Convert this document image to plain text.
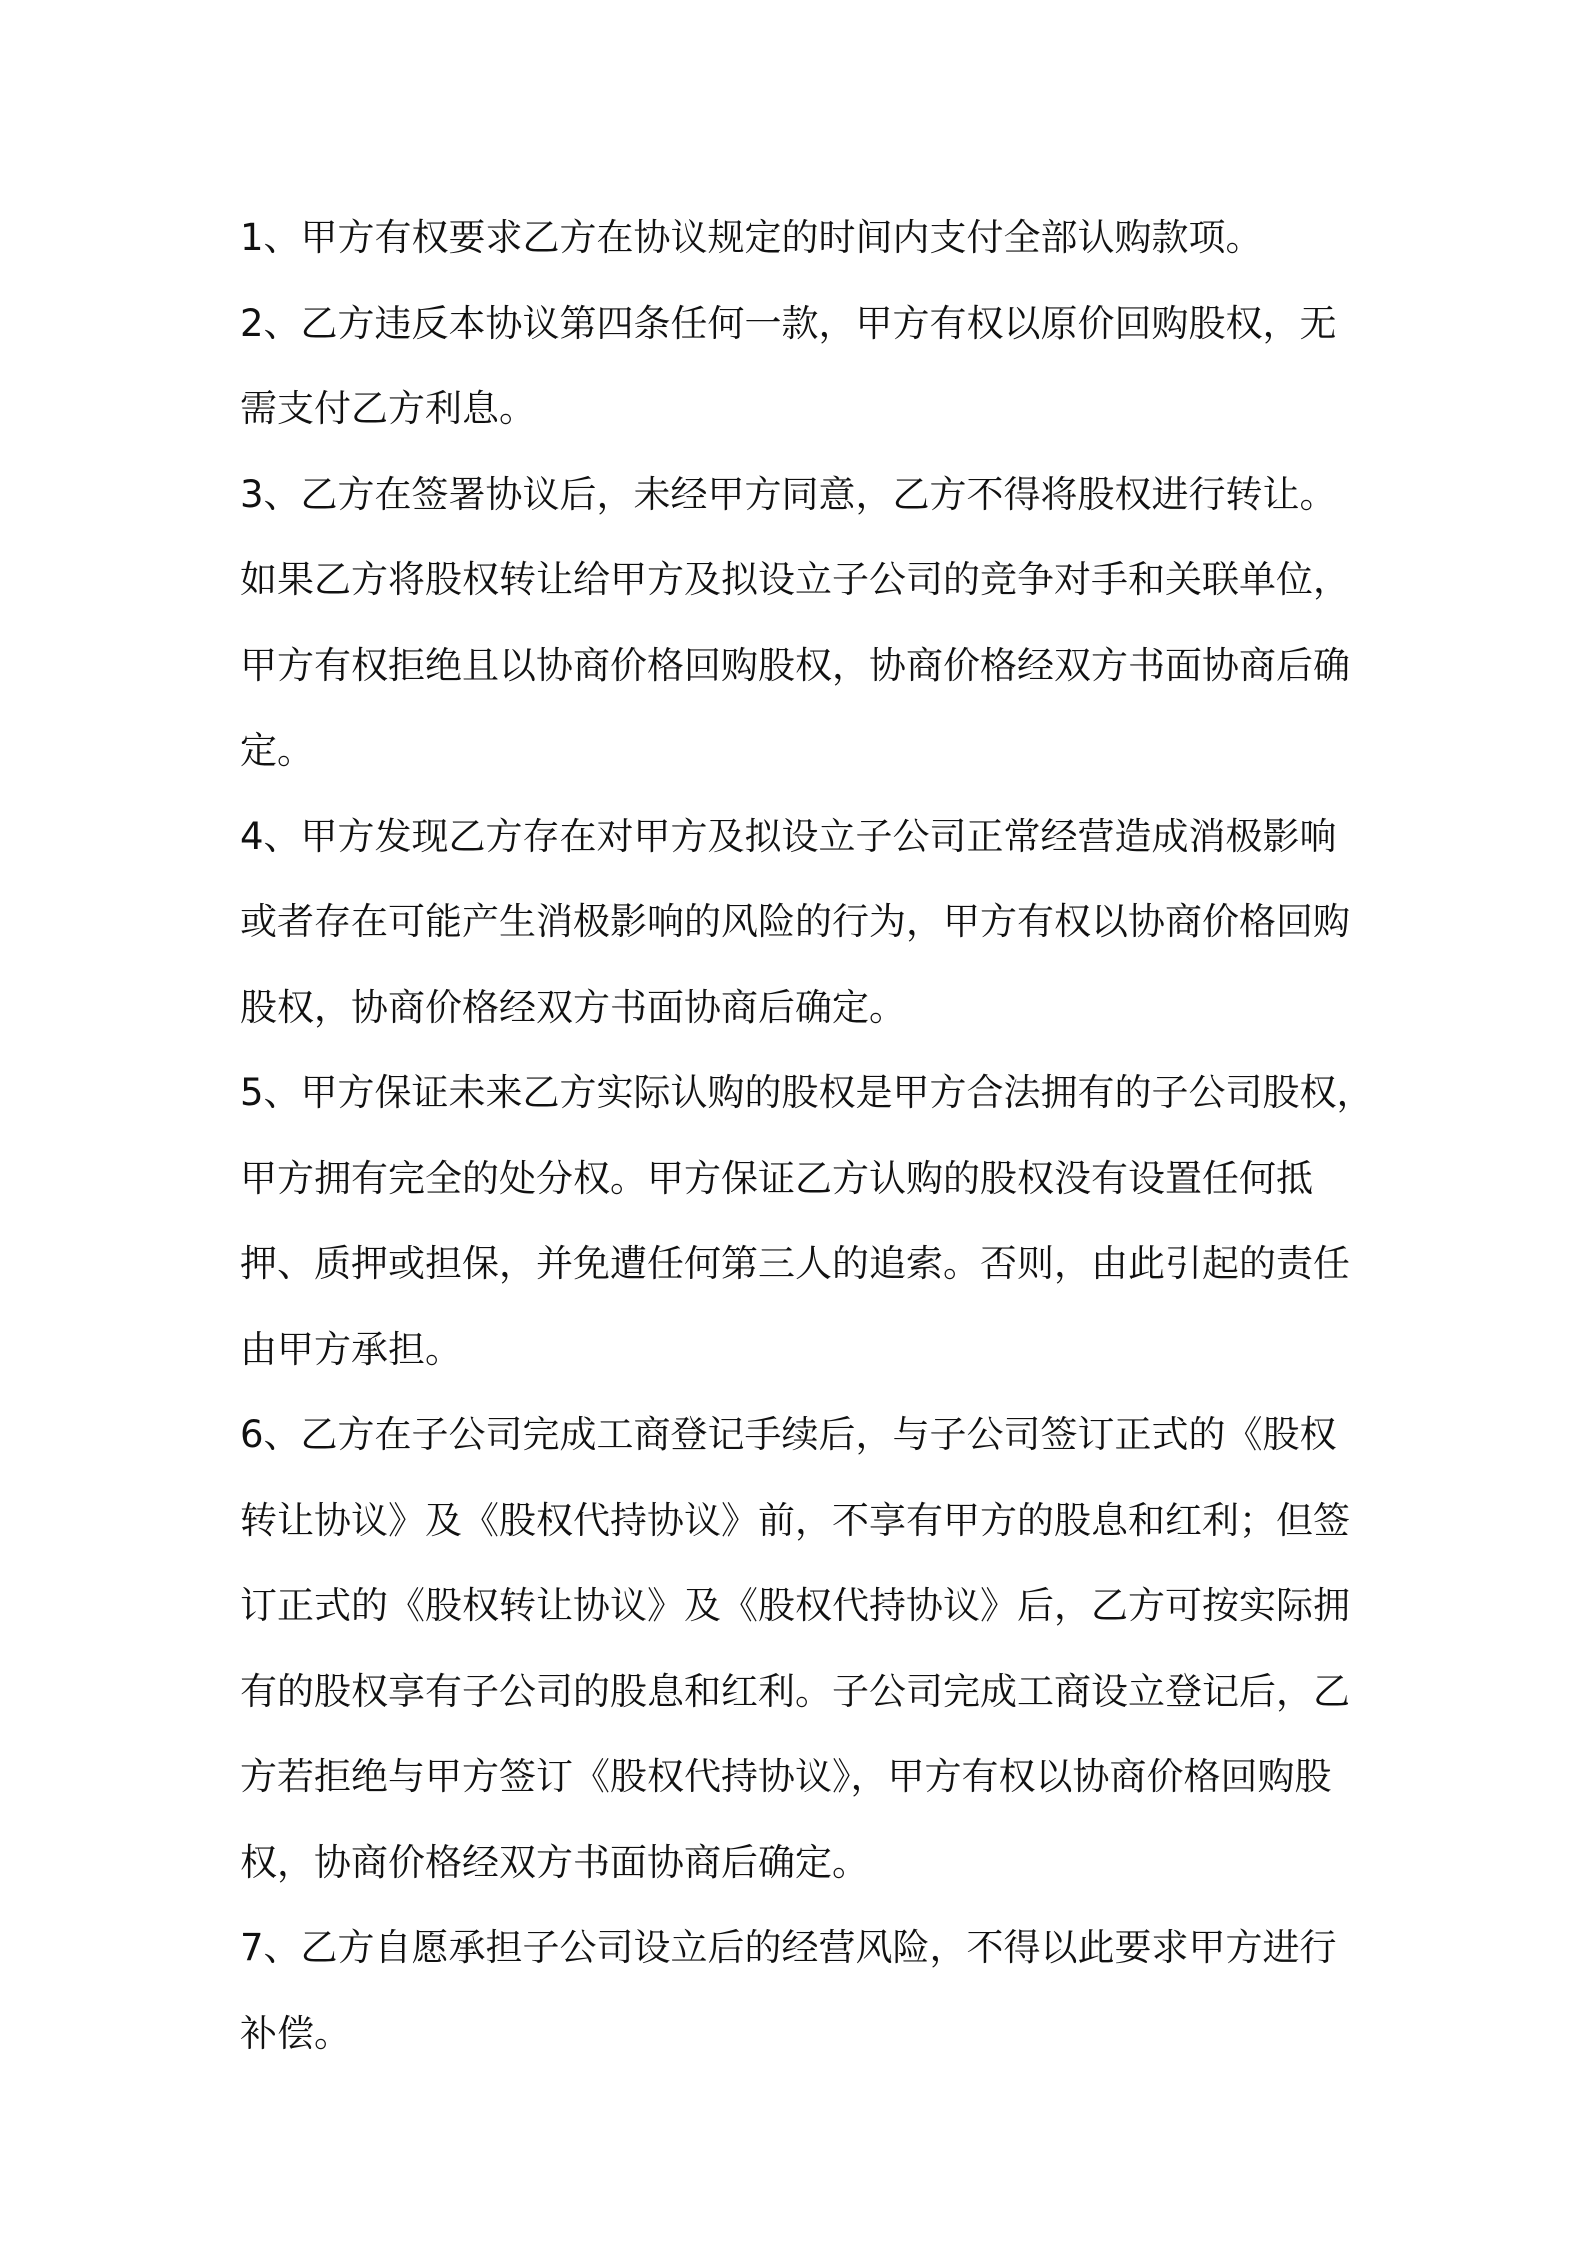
1、甲方有权要求乙方在协议规定的时间内支付全部认购款项。
2、乙方违反本协议第四条任何一款，甲方有权以原价回购股权，无
需支付乙方利息。
3、乙方在签署协议后，未经甲方同意，乙方不得将股权进行转让。
如果乙方将股权转让给甲方及拟设立子公司的竞争对手和关联单位，
甲方有权拒绝且以协商价格回购股权，协商价格经双方书面协商后确
定。
4、甲方发现乙方存在对甲方及拟设立子公司正常经营造成消极影响
或者存在可能产生消极影响的风险的行为，甲方有权以协商价格回购
股权，协商价格经双方书面协商后确定。
5、甲方保证未来乙方实际认购的股权是甲方合法拥有的子公司股权，
甲方拥有完全的处分权。甲方保证乙方认购的股权没有设置任何抵
押、质押或担保，并免遭任何第三人的追索。否则，由此引起的责任
由甲方承担。
6、乙方在子公司完成工商登记手续后，与子公司签订正式的《股权
转让协议》及《股权代持协议》前，不享有甲方的股息和红利；但签
订正式的《股权转让协议》及《股权代持协议》后，乙方可按实际拥
有的股权享有子公司的股息和红利。子公司完成工商设立登记后，乙
方若拒绝与甲方签订《股权代持协议》，甲方有权以协商价格回购股
权，协商价格经双方书面协商后确定。
7、乙方自愿承担子公司设立后的经营风险，不得以此要求甲方进行
补偿。
